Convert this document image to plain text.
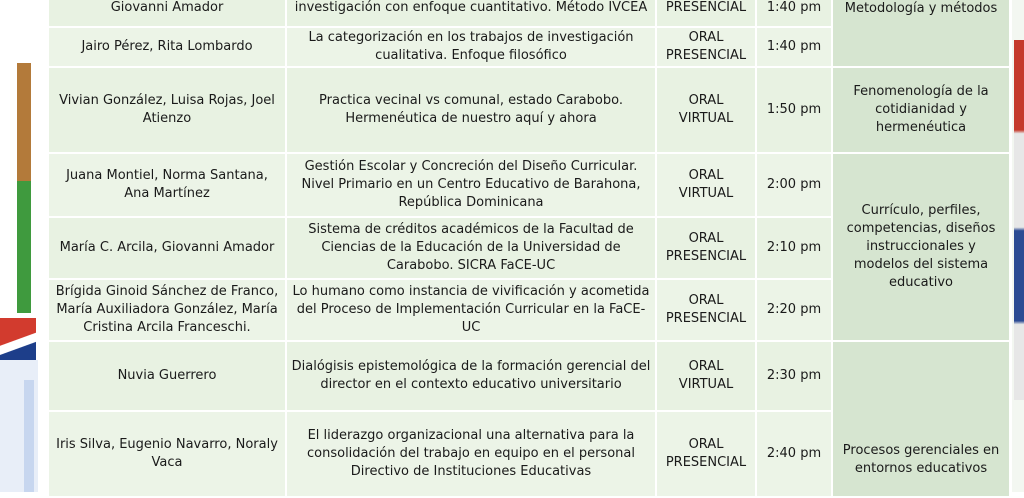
Giovanni Amador	investigación con enfoque cuantitativo. Método IVCEA	PRESENCIAL	1:40 pm	Metodología y métodos
Jairo Pérez, Rita Lombardo	La categorización en los trabajos de investigación cualitativa. Enfoque filosófico	ORAL PRESENCIAL	1:40 pm	
Vivian González, Luisa Rojas, Joel Atienzo	Practica vecinal vs comunal, estado Carabobo. Hermenéutica de nuestro aquí y ahora	ORAL VIRTUAL	1:50 pm	Fenomenología de la cotidianidad y hermenéutica
Juana Montiel, Norma Santana, Ana Martínez	Gestión Escolar y Concreción del Diseño Curricular. Nivel Primario en un Centro Educativo de Barahona, República Dominicana	ORAL VIRTUAL	2:00 pm	Currículo, perfiles, competencias, diseños instruccionales y modelos del sistema educativo
María C. Arcila, Giovanni Amador	Sistema de créditos académicos de la Facultad de Ciencias de la Educación de la Universidad de Carabobo. SICRA FaCE-UC	ORAL PRESENCIAL	2:10 pm	
Brígida Ginoid Sánchez de Franco, María Auxiliadora González, María Cristina Arcila Franceschi.	Lo humano como instancia de vivificación y acometida del Proceso de Implementación Curricular en la FaCE-UC	ORAL PRESENCIAL	2:20 pm	
Nuvia Guerrero	Dialógisis epistemológica de la formación gerencial del director en el contexto educativo universitario	ORAL VIRTUAL	2:30 pm	Procesos gerenciales en entornos educativos
Iris Silva, Eugenio Navarro, Noraly Vaca	El liderazgo organizacional una alternativa para la consolidación del trabajo en equipo en el personal Directivo de Instituciones Educativas	ORAL PRESENCIAL	2:40 pm	
